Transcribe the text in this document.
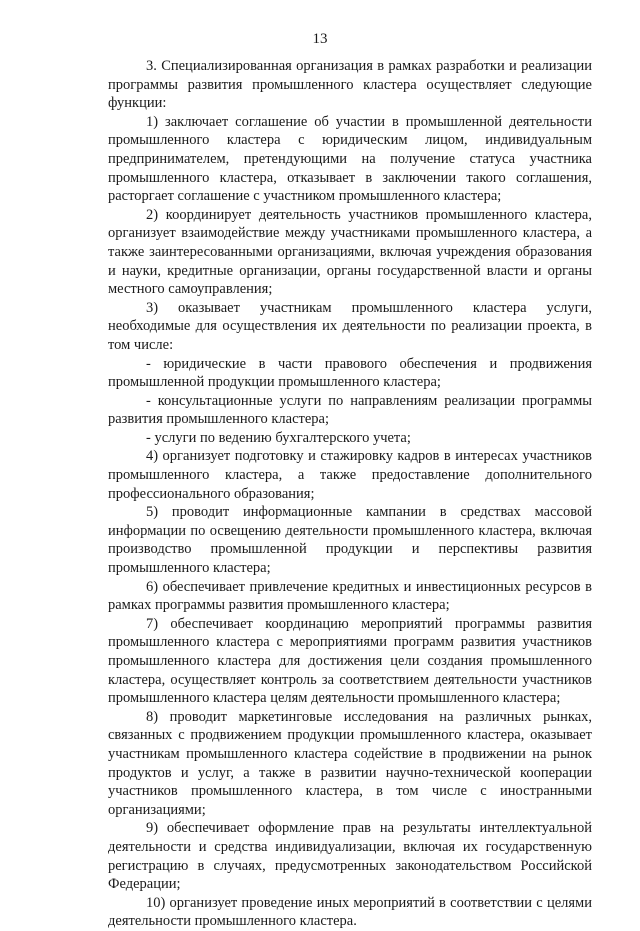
13

3. Специализированная организация в рамках разработки и реализации программы развития промышленного кластера осуществляет следующие функции:

1) заключает соглашение об участии в промышленной деятельности промышленного кластера с юридическим лицом, индивидуальным предпринимателем, претендующими на получение статуса участника промышленного кластера, отказывает в заключении такого соглашения, расторгает соглашение с участником промышленного кластера;

2) координирует деятельность участников промышленного кластера, организует взаимодействие между участниками промышленного кластера, а также заинтересованными организациями, включая учреждения образования и науки, кредитные организации, органы государственной власти и органы местного самоуправления;

3) оказывает участникам промышленного кластера услуги, необходимые для осуществления их деятельности по реализации проекта, в том числе:

- юридические в части правового обеспечения и продвижения промышленной продукции промышленного кластера;

- консультационные услуги по направлениям реализации программы развития промышленного кластера;

- услуги по ведению бухгалтерского учета;

4) организует подготовку и стажировку кадров в интересах участников промышленного кластера, а также предоставление дополнительного профессионального образования;

5) проводит информационные кампании в средствах массовой информации по освещению деятельности промышленного кластера, включая производство промышленной продукции и перспективы развития промышленного кластера;

6) обеспечивает привлечение кредитных и инвестиционных ресурсов в рамках программы развития промышленного кластера;

7) обеспечивает координацию мероприятий программы развития промышленного кластера с мероприятиями программ развития участников промышленного кластера для достижения цели создания промышленного кластера, осуществляет контроль за соответствием деятельности участников промышленного кластера целям деятельности промышленного кластера;

8) проводит маркетинговые исследования на различных рынках, связанных с продвижением продукции промышленного кластера, оказывает участникам промышленного кластера содействие в продвижении на рынок продуктов и услуг, а также в развитии научно-технической кооперации участников промышленного кластера, в том числе с иностранными организациями;

9) обеспечивает оформление прав на результаты интеллектуальной деятельности и средства индивидуализации, включая их государственную регистрацию в случаях, предусмотренных законодательством Российской Федерации;

10) организует проведение иных мероприятий в соответствии с целями деятельности промышленного кластера.
